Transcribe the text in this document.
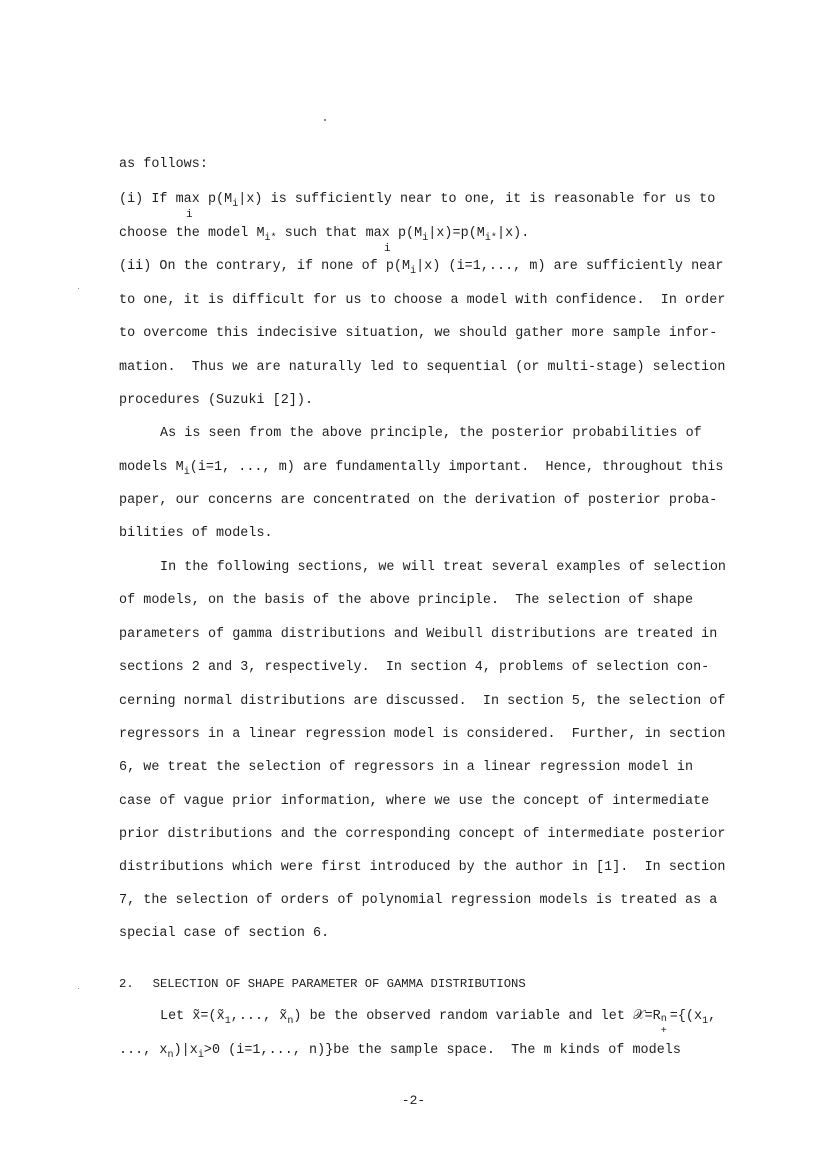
as follows:
(i) If $\max p(M_i|x)$ is sufficiently near to one, it is reasonable for us to
i
choose the model $M_{i*}$ such that $\max p(M_i|x)=p(M_{i*}|x)$.
i
(ii) On the contrary, if none of $p(M_i|x)$ (i=1,..., m) are sufficiently near
to one, it is difficult for us to choose a model with confidence.  In order
to overcome this indecisive situation, we should gather more sample infor-
mation.  Thus we are naturally led to sequential (or multi-stage) selection
procedures (Suzuki [2]).
As is seen from the above principle, the posterior probabilities of
models $M_i(i=1$, ..., m) are fundamentally important.  Hence, throughout this
paper, our concerns are concentrated on the derivation of posterior proba-
bilities of models.
In the following sections, we will treat several examples of selection
of models, on the basis of the above principle.  The selection of shape
parameters of gamma distributions and Weibull distributions are treated in
sections 2 and 3, respectively.  In section 4, problems of selection con-
cerning normal distributions are discussed.  In section 5, the selection of
regressors in a linear regression model is considered.  Further, in section
6, we treat the selection of regressors in a linear regression model in
case of vague prior information, where we use the concept of intermediate
prior distributions and the corresponding concept of intermediate posterior
distributions which were first introduced by the author in [1].  In section
7, the selection of orders of polynomial regression models is treated as a
special case of section 6.
2. SELECTION OF SHAPE PARAMETER OF GAMMA DISTRIBUTIONS
Let $x̃=(x̃_1$,..., $x̃_n$) be the observed random variable and let 𝒳=R n
+
$=\{(x_1$,
..., $x_n)|x_i>0$ (i=1,..., n)}be the sample space.  The m kinds of models
-2-
